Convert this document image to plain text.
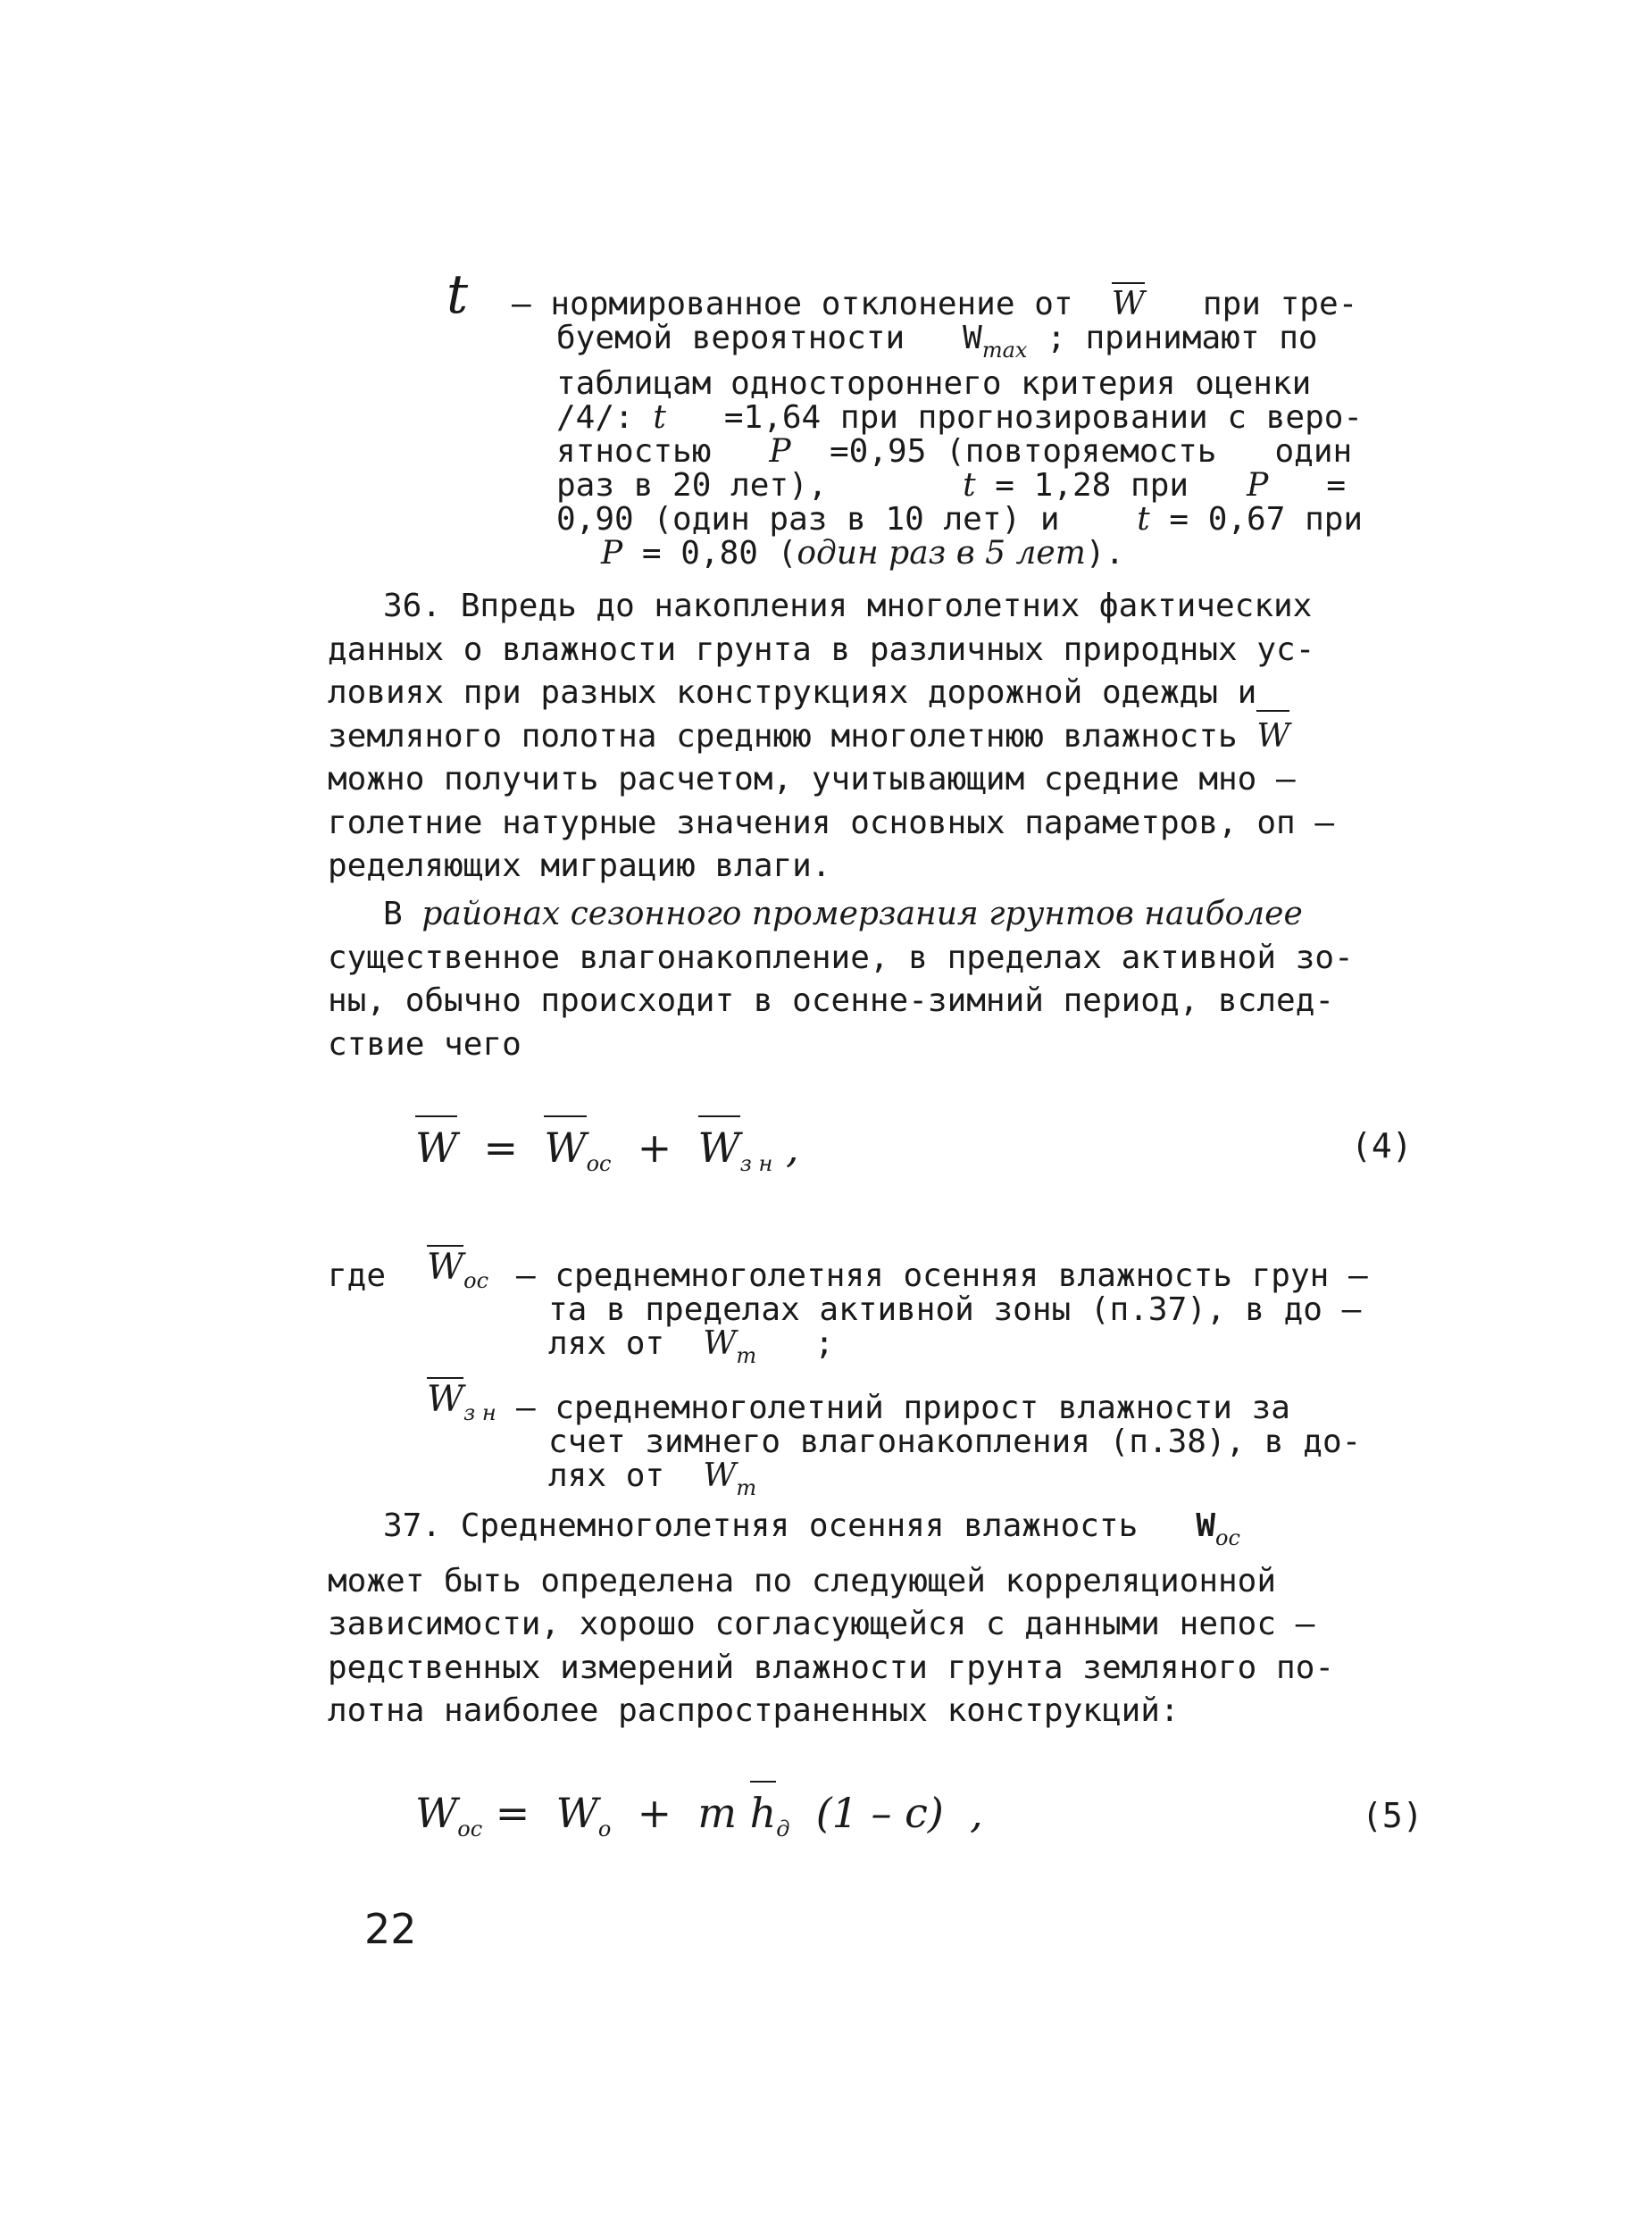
t – нормированное отклонение от  W   при тре-
буемой вероятности   $W_{max}$ ; принимают по
таблицам одностороннего критерия оценки
/4/: t   =1,64 при прогнозировании с веро-
ятностью   P  =0,95 (повторяемость   один
раз в 20 лет),       t = 1,28 при   P   =
0,90 (один раз в 10 лет) и    t = 0,67 при
P = 0,80 (один раз в 5 лет).
36. Впредь до накопления многолетних фактических
данных о влажности грунта в различных природных ус-
ловиях при разных конструкциях дорожной одежды и
земляного полотна среднюю многолетнюю влажность W
можно получить расчетом, учитывающим средние мно –
голетние натурные значения основных параметров, оп –
ределяющих миграцию влаги.
В районах сезонного промерзания грунтов наиболее
существенное влагонакопление, в пределах активной зо-
ны, обычно происходит в осенне-зимний период, вслед-
ствие чего
$W = W_{ос} + W_{з н}$ ,	(4)
где $W_{ос}$ – среднемноголетняя осенняя влажность грун –
та в пределах активной зоны (п.37), в до –
лях от  $W_т$   ;
$W_{з н}$ – среднемноголетний прирост влажности за
счет зимнего влагонакопления (п.38), в до-
лях от  $W_т$
37. Среднемноголетняя осенняя влажность   $W_{ос}$
может быть определена по следующей корреляционной
зависимости, хорошо согласующейся с данными непос –
редственных измерений влажности грунта земляного по-
лотна наиболее распространенных конструкций:
$W_{ос} = W_о + m$ $h_д$  (1 – c)  ,	(5)
22
